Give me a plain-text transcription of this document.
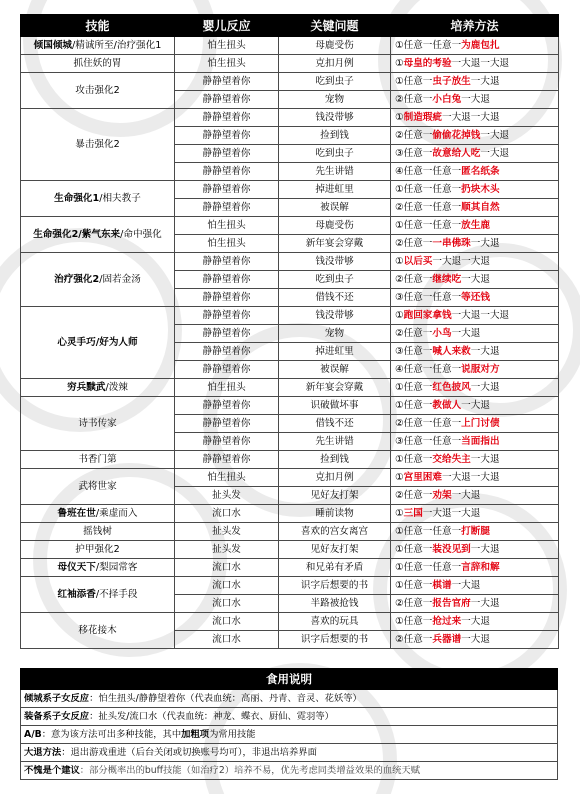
技能	婴儿反应	关键问题	培养方法
倾国倾城/精诚所至/治疗强化1	怕生扭头	母鹿受伤	①任意一任意一为鹿包扎
抓住妖的胃	怕生扭头	克扣月例	①母皇的考验一大退一大退
攻击强化2	静静望着你	吃到虫子	①任意一虫子放生一大退
	静静望着你	宠物	②任意一小白兔一大退
暴击强化2	静静望着你	钱没带够	①制造瑕疵一大退一大退
	静静望着你	捡到钱	②任意一偷偷花掉钱一大退
	静静望着你	吃到虫子	③任意一故意给人吃一大退
	静静望着你	先生讲错	④任意一任意一匿名纸条
生命强化1/相夫教子	静静望着你	掉进虹里	①任意一任意一扔块木头
	静静望着你	被误解	②任意一任意一顺其自然
生命强化2/紫气东来/命中强化	怕生扭头	母鹿受伤	①任意一任意一放生鹿
	怕生扭头	新年宴会穿戴	②任意一一串佛珠一大退
治疗强化2/固若金汤	静静望着你	钱没带够	①以后买一大退一大退
	静静望着你	吃到虫子	②任意一继续吃一大退
	静静望着你	借钱不还	③任意一任意一等还钱
心灵手巧/好为人师	静静望着你	钱没带够	①跑回家拿钱一大退一大退
	静静望着你	宠物	②任意一小鸟一大退
	静静望着你	掉进虹里	③任意一喊人来救一大退
	静静望着你	被误解	④任意一任意一说服对方
穷兵黩武/泼辣	怕生扭头	新年宴会穿戴	①任意一红色披风一大退
诗书传家	静静望着你	识破做坏事	①任意一教做人一大退
	静静望着你	借钱不还	②任意一任意一上门讨债
	静静望着你	先生讲错	③任意一任意一当面指出
书香门第	静静望着你	捡到钱	①任意一交给失主一大退
武将世家	怕生扭头	克扣月例	①宫里困难一大退一大退
	扯头发	见好友打架	②任意一劝架一大退
鲁班在世/乘虚而入	流口水	睡前读物	①三国一大退一大退
摇钱树	扯头发	喜欢的宫女离宫	①任意一任意一打断腿
护甲强化2	扯头发	见好友打架	①任意一装没见到一大退
母仪天下/梨园常客	流口水	和兄弟有矛盾	①任意一任意一言辞和解
红袖添香/不择手段	流口水	识字后想要的书	①任意一棋谱一大退
	流口水	半路被抢钱	②任意一报告官府一大退
移花接木	流口水	喜欢的玩具	①任意一抢过来一大退
	流口水	识字后想要的书	②任意一兵器谱一大退
食用说明
倾城系子女反应：怕生扭头/静静望着你（代表血统：高丽、丹青、音灵、花妖等）
装备系子女反应：扯头发/流口水（代表血统：神龙、蝶衣、厨仙、霓羽等）
A/B：意为该方法可出多种技能，其中加粗项为常用技能
大退方法：退出游戏重进（后台关闭或切换账号均可），非退出培养界面
不愧是个建议：部分概率出的buff技能（如治疗2）培养不易，优先考虑同类增益效果的血统天赋
